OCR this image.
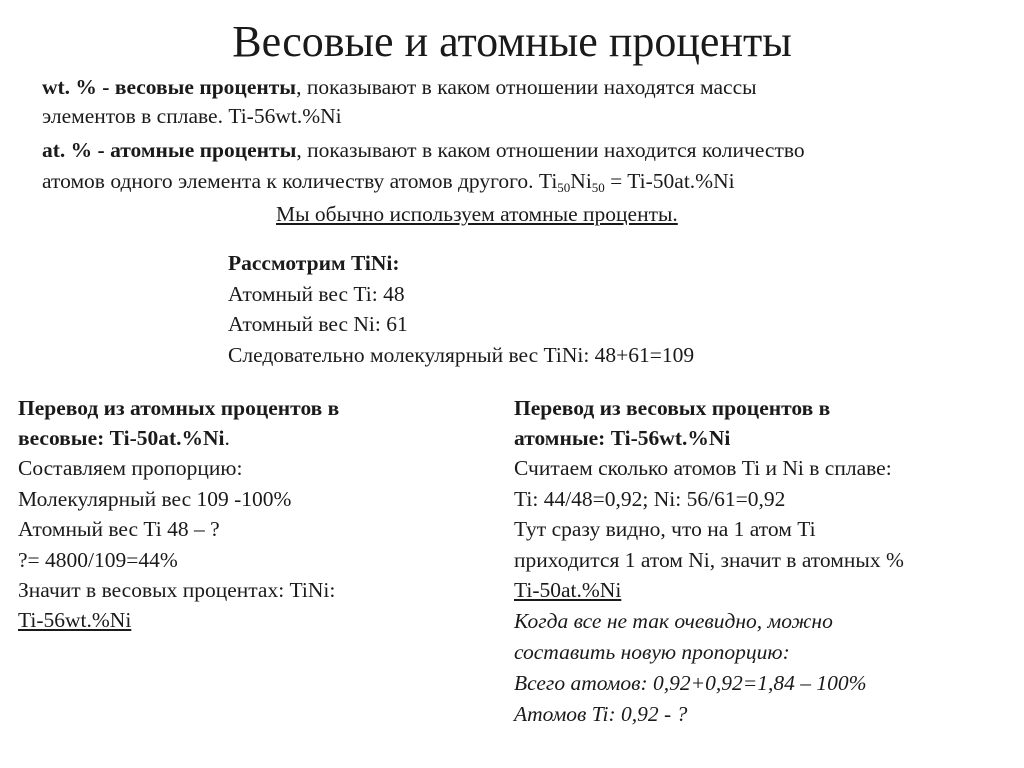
Весовые и атомные проценты
wt. % - весовые проценты, показывают в каком отношении находятся массы
элементов в сплаве. Ti-56wt.%Ni
at. % - атомные проценты, показывают в каком отношении находится количество
атомов одного элемента к количеству атомов другого. $Ti_{50}Ni_{50} = Ti-50at.\%Ni$
Мы обычно используем атомные проценты.
Рассмотрим TiNi:
Атомный вес Ti: 48
Атомный вес Ni: 61
Следовательно молекулярный вес TiNi: 48+61=109
Перевод из атомных процентов в
весовые: Ti-50at.%Ni.
Составляем пропорцию:
Молекулярный вес 109 -100%
Атомный вес Ti 48 – ?
?= 4800/109=44%
Значит в весовых процентах: TiNi:
Ti-56wt.%Ni
Перевод из весовых процентов в
атомные: Ti-56wt.%Ni
Считаем сколько атомов Ti и Ni в сплаве:
Ti: 44/48=0,92; Ni: 56/61=0,92
Тут сразу видно, что на 1 атом Ti
приходится 1 атом Ni, значит в атомных %
Ti-50at.%Ni
Когда все не так очевидно, можно
составить новую пропорцию:
Всего атомов: 0,92+0,92=1,84 – 100%
Атомов Ti: 0,92 - ?
